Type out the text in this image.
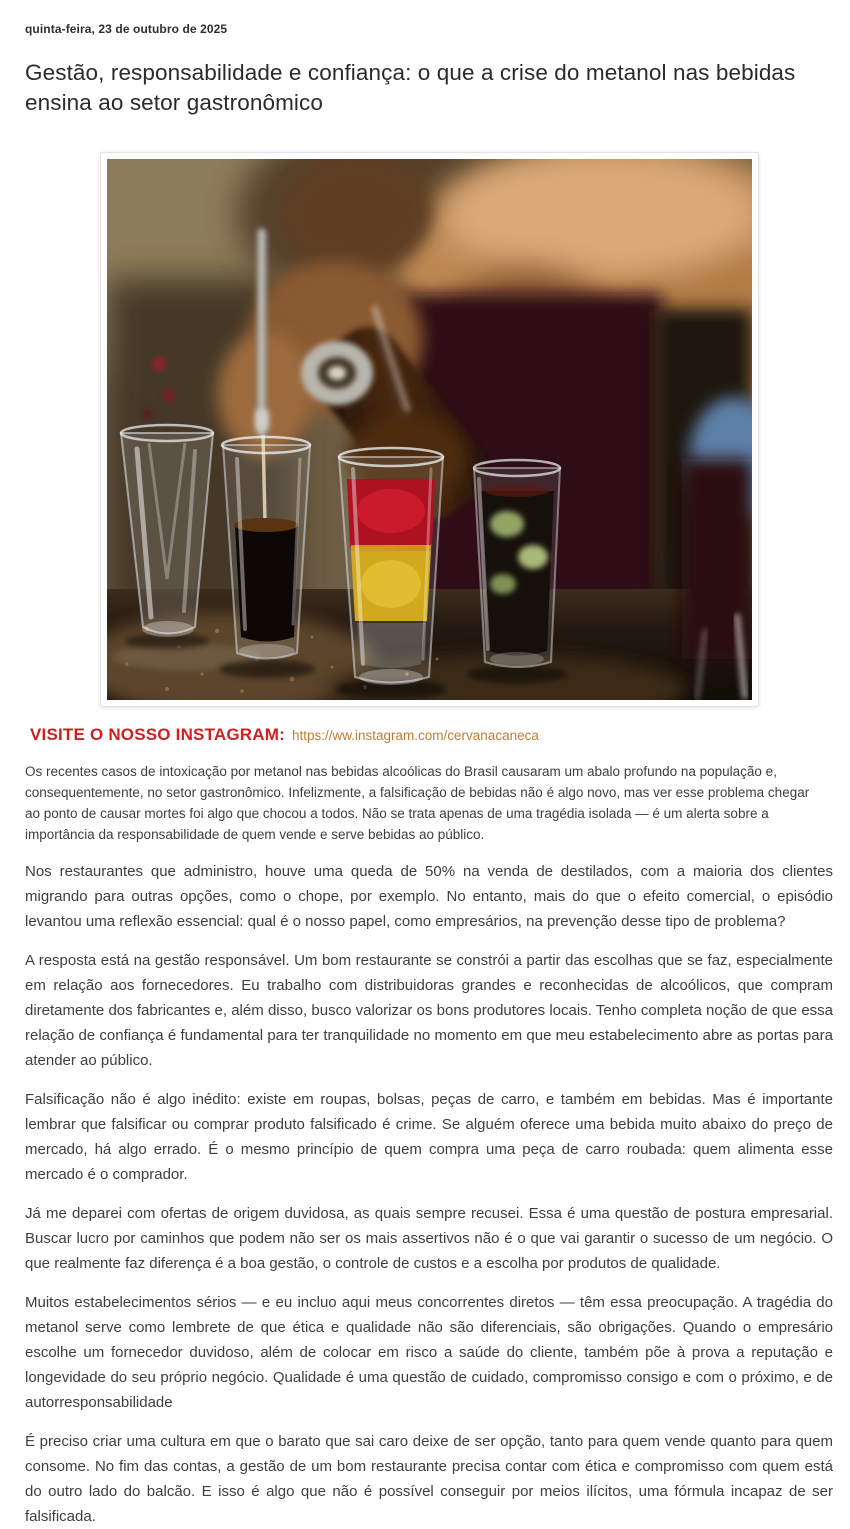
quinta-feira, 23 de outubro de 2025
Gestão, responsabilidade e confiança: o que a crise do metanol nas bebidas ensina ao setor gastronômico
VISITE O NOSSO INSTAGRAM: https://ww.instagram.com/cervanacaneca

Os recentes casos de intoxicação por metanol nas bebidas alcoólicas do Brasil causaram um abalo profundo na população e, consequentemente, no setor gastronômico. Infelizmente, a falsificação de bebidas não é algo novo, mas ver esse problema chegar ao ponto de causar mortes foi algo que chocou a todos. Não se trata apenas de uma tragédia isolada — é um alerta sobre a importância da responsabilidade de quem vende e serve bebidas ao público.

Nos restaurantes que administro, houve uma queda de 50% na venda de destilados, com a maioria dos clientes migrando para outras opções, como o chope, por exemplo. No entanto, mais do que o efeito comercial, o episódio levantou uma reflexão essencial: qual é o nosso papel, como empresários, na prevenção desse tipo de problema?

A resposta está na gestão responsável. Um bom restaurante se constrói a partir das escolhas que se faz, especialmente em relação aos fornecedores. Eu trabalho com distribuidoras grandes e reconhecidas de alcoólicos, que compram diretamente dos fabricantes e, além disso, busco valorizar os bons produtores locais. Tenho completa noção de que essa relação de confiança é fundamental para ter tranquilidade no momento em que meu estabelecimento abre as portas para atender ao público.

Falsificação não é algo inédito: existe em roupas, bolsas, peças de carro, e também em bebidas. Mas é importante lembrar que falsificar ou comprar produto falsificado é crime. Se alguém oferece uma bebida muito abaixo do preço de mercado, há algo errado. É o mesmo princípio de quem compra uma peça de carro roubada: quem alimenta esse mercado é o comprador.

Já me deparei com ofertas de origem duvidosa, as quais sempre recusei. Essa é uma questão de postura empresarial. Buscar lucro por caminhos que podem não ser os mais assertivos não é o que vai garantir o sucesso de um negócio. O que realmente faz diferença é a boa gestão, o controle de custos e a escolha por produtos de qualidade.

Muitos estabelecimentos sérios — e eu incluo aqui meus concorrentes diretos — têm essa preocupação. A tragédia do metanol serve como lembrete de que ética e qualidade não são diferenciais, são obrigações. Quando o empresário escolhe um fornecedor duvidoso, além de colocar em risco a saúde do cliente, também põe à prova a reputação e longevidade do seu próprio negócio. Qualidade é uma questão de cuidado, compromisso consigo e com o próximo, e de autorresponsabilidade

É preciso criar uma cultura em que o barato que sai caro deixe de ser opção, tanto para quem vende quanto para quem consome. No fim das contas, a gestão de um bom restaurante precisa contar com ética e compromisso com quem está do outro lado do balcão. E isso é algo que não é possível conseguir por meios ilícitos, uma fórmula incapaz de ser falsificada.
